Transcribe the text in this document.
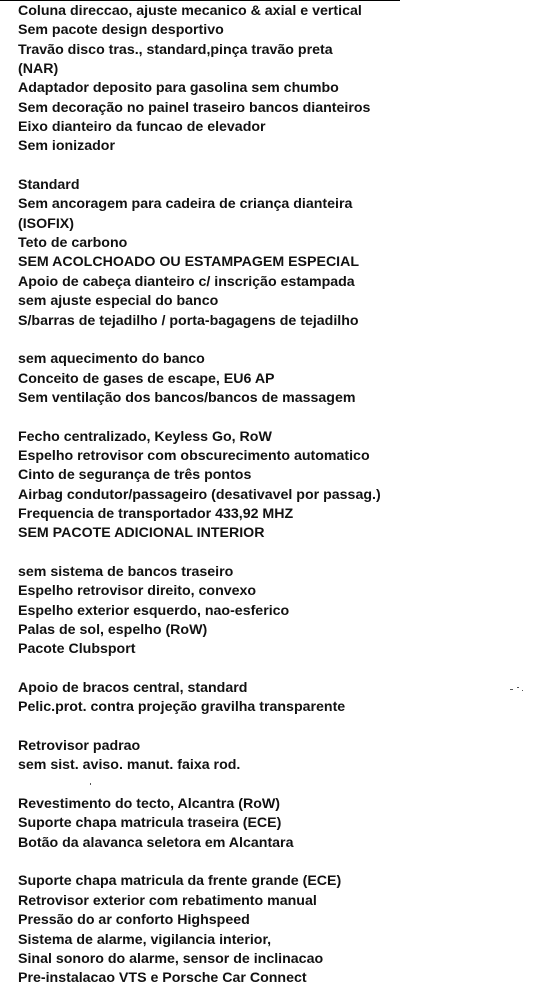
Coluna direccao, ajuste mecanico & axial e vertical
Sem pacote design desportivo
Travão disco tras., standard,pinça travão preta
(NAR)
Adaptador deposito para gasolina sem chumbo
Sem decoração no painel traseiro bancos dianteiros
Eixo dianteiro da funcao de elevador
Sem ionizador
Standard
Sem ancoragem para cadeira de criança dianteira
(ISOFIX)
Teto de carbono
SEM ACOLCHOADO OU ESTAMPAGEM ESPECIAL
Apoio de cabeça dianteiro c/ inscrição estampada
sem ajuste especial do banco
S/barras de tejadilho / porta-bagagens de tejadilho
sem aquecimento do banco
Conceito de gases de escape, EU6 AP
Sem ventilação dos bancos/bancos de massagem
Fecho centralizado, Keyless Go, RoW
Espelho retrovisor com obscurecimento automatico
Cinto de segurança de três pontos
Airbag condutor/passageiro (desativavel por passag.)
Frequencia de transportador 433,92 MHZ
SEM PACOTE ADICIONAL INTERIOR
sem sistema de bancos traseiro
Espelho retrovisor direito, convexo
Espelho exterior esquerdo, nao-esferico
Palas de sol, espelho (RoW)
Pacote Clubsport
Apoio de bracos central, standard
Pelic.prot. contra projeção gravilha transparente
Retrovisor padrao
sem sist. aviso. manut. faixa rod.
Revestimento do tecto, Alcantra (RoW)
Suporte chapa matricula traseira (ECE)
Botão da alavanca seletora em Alcantara
Suporte chapa matricula da frente grande (ECE)
Retrovisor exterior com rebatimento manual
Pressão do ar conforto Highspeed
Sistema de alarme, vigilancia interior,
Sinal sonoro do alarme, sensor de inclinacao
Pre-instalacao VTS e Porsche Car Connect
